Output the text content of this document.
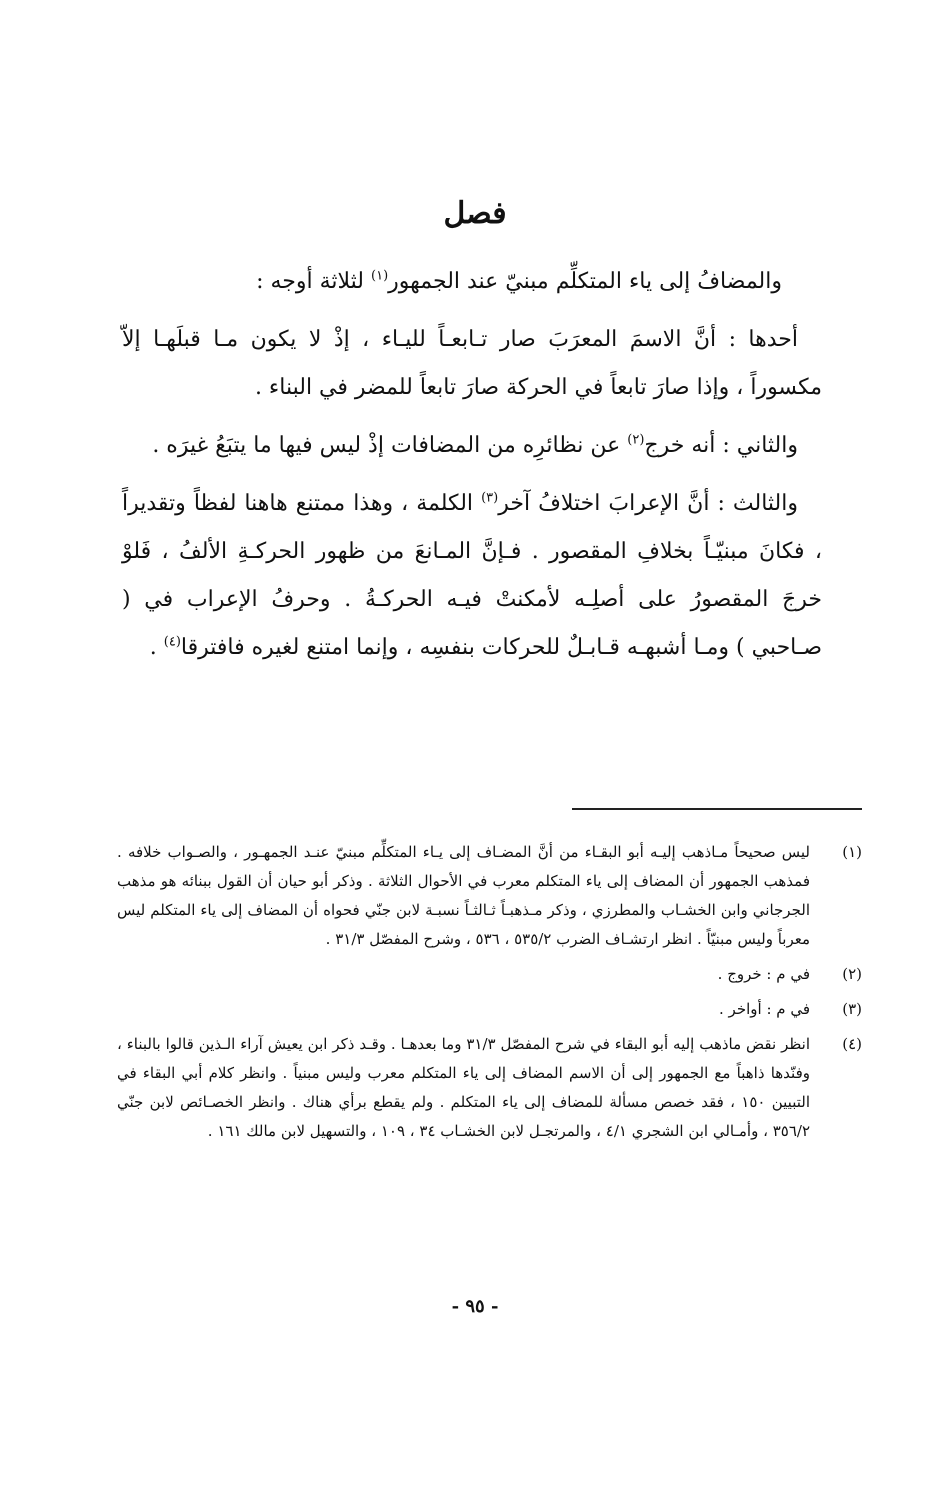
فصل

والمضافُ إلى ياء المتكلِّم مبنيّ عند الجمهور$^{(١)}$ لثلاثة أوجه :

أحدها : أنَّ الاسمَ المعرَبَ صار تـابعـاً لليـاء ، إذْ لا يكون مـا قبلَهـا إلاّ مكسوراً ، وإذا صارَ تابعاً في الحركة صارَ تابعاً للمضر في البناء .

والثاني : أنه خرج$^{(٢)}$ عن نظائرِه من المضافات إذْ ليس فيها ما يتبَعُ غيرَه .

والثالث : أنَّ الإعرابَ اختلافُ آخر$^{(٣)}$ الكلمة ، وهذا ممتنع هاهنا لفظاً وتقديراً ، فكانَ مبنيّـاً بخلافِ المقصور . فـإنَّ المـانعَ من ظهور الحركـةِ الألفُ ، فَلوْ خرجَ المقصورُ على أصلِـه لأمكنتْ فيـه الحركـةُ . وحرفُ الإعراب في ( صـاحبي ) ومـا أشبهـه قـابـلٌ للحركات بنفسِه ، وإنما امتنع لغيره فافترقا$^{(٤)}$ .

(١)
ليس صحيحاً مـاذهب إليـه أبو البقـاء من أنَّ المضـاف إلى يـاء المتكلِّم مبنيّ عنـد الجمهـور ، والصـواب خلافه . فمذهب الجمهور أن المضاف إلى ياء المتكلم معرب في الأحوال الثلاثة . وذكر أبو حيان أن القول ببنائه هو مذهب الجرجاني وابن الخشـاب والمطرزي ، وذكر مـذهبـاً ثـالثـاً نسبـة لابن جنّي فحواه أن المضاف إلى ياء المتكلم ليس معرباً وليس مبنيّاً . انظر ارتشـاف الضرب ٥٣٥/٢ ، ٥٣٦ ، وشرح المفصّل ٣١/٣ .
(٢)
في م : خروج .
(٣)
في م : أواخر .
(٤)
انظر نقض ماذهب إليه أبو البقاء في شرح المفصّل ٣١/٣ وما بعدهـا . وقـد ذكر ابن يعيش آراء الـذين قالوا بالبناء ، وفنّدها ذاهباً مع الجمهور إلى أن الاسم المضاف إلى ياء المتكلم معرب وليس مبنياً . وانظر كلام أبي البقاء في التبيين ١٥٠ ، فقد خصص مسألة للمضاف إلى ياء المتكلم . ولم يقطع برأي هناك . وانظر الخصـائص لابن جنّي ٣٥٦/٢ ، وأمـالي ابن الشجري ٤/١ ، والمرتجـل لابن الخشـاب ٣٤ ، ١٠٩ ، والتسهيل لابن مالك ١٦١ .
- ٩٥ -
